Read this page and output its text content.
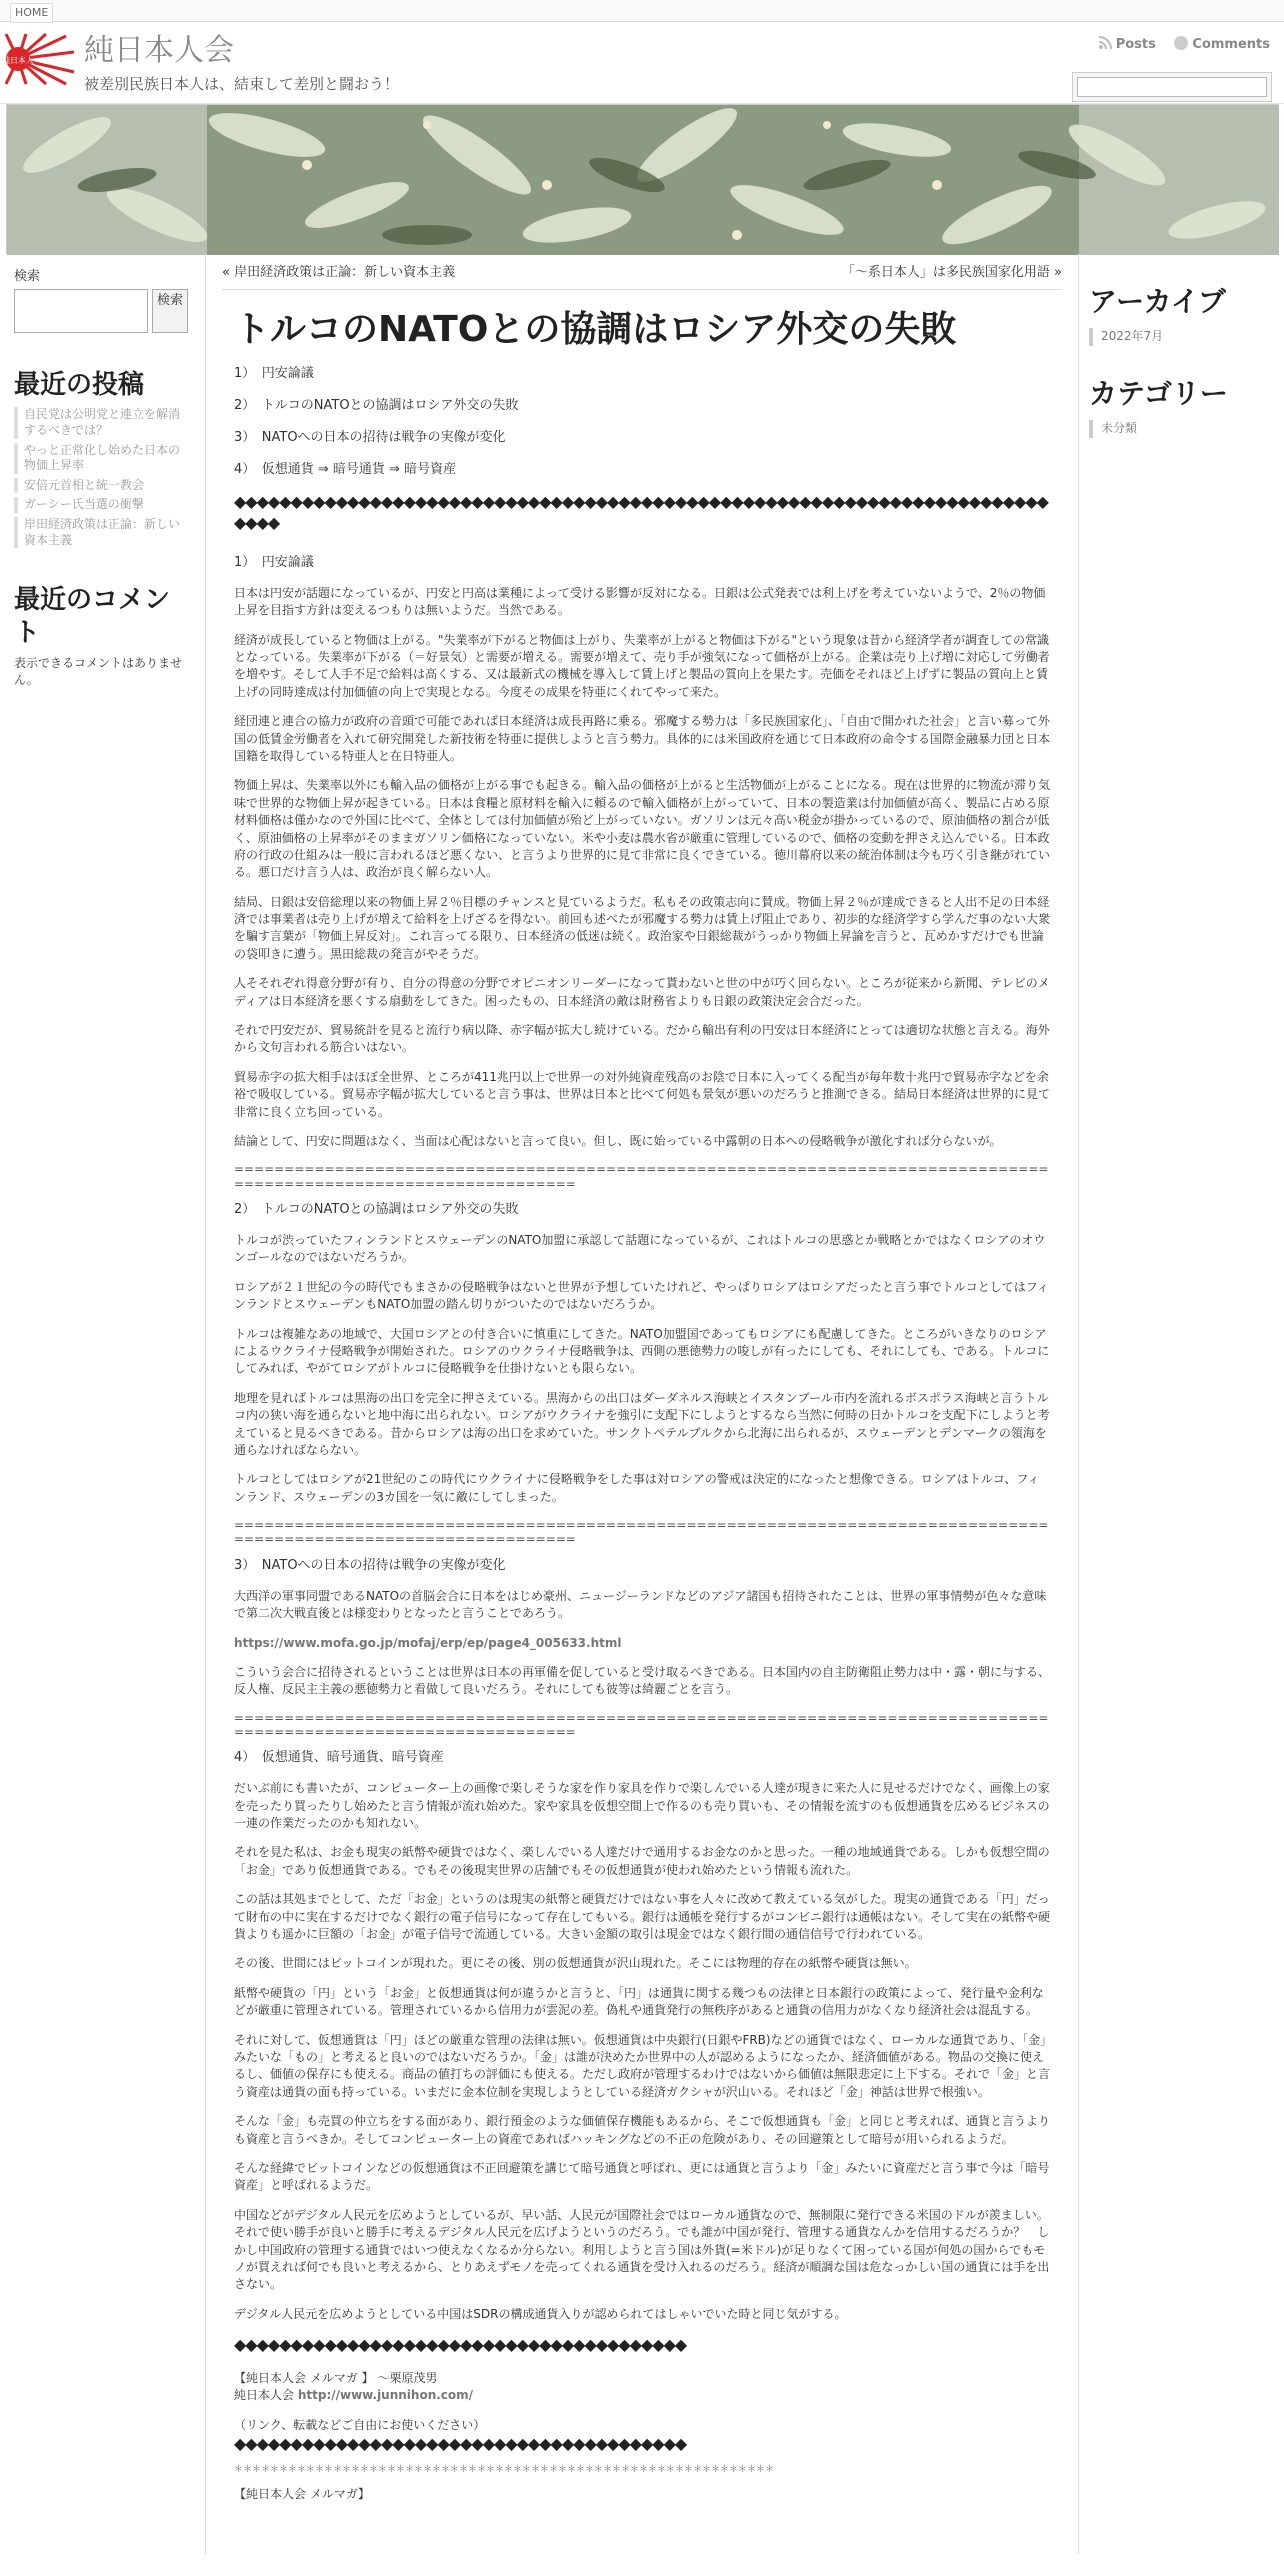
HOME
純日本人 純日本人会
被差別民族日本人は、結束して差別と闘おう！
Posts	Comments
検索
検索
最近の投稿
自民党は公明党と連立を解消するべきでは？
やっと正常化し始めた日本の物価上昇率
安倍元首相と統一教会
ガーシー氏当選の衝撃
岸田経済政策は正論：新しい資本主義
最近のコメント
表示できるコメントはありません。
« 岸田経済政策は正論：新しい資本主義	「～系日本人」は多民族国家化用語 »
トルコのNATOとの協調はロシア外交の失敗

1）　円安論議

2）　トルコのNATOとの協調はロシア外交の失敗

3）　NATOへの日本の招待は戦争の実像が変化

4）　仮想通貨 ⇒ 暗号通貨 ⇒ 暗号資産

◆◆◆◆◆◆◆◆◆◆◆◆◆◆◆◆◆◆◆◆◆◆◆◆◆◆◆◆◆◆◆◆◆◆◆◆◆◆◆◆◆◆◆◆◆◆◆◆◆◆◆◆◆◆◆◆◆◆◆◆◆◆◆◆◆◆◆◆◆◆◆◆◆◆◆◆

1）　円安論議

日本は円安が話題になっているが、円安と円高は業種によって受ける影響が反対になる。日銀は公式発表では利上げを考えていないようで、2％の物価上昇を目指す方針は変えるつもりは無いようだ。当然である。

経済が成長していると物価は上がる。"失業率が下がると物価は上がり、失業率が上がると物価は下がる"という現象は昔から経済学者が調査しての常識となっている。失業率が下がる（＝好景気）と需要が増える。需要が増えて、売り手が強気になって価格が上がる。企業は売り上げ増に対応して労働者を増やす。そして人手不足で給料は高くする、又は最新式の機械を導入して賃上げと製品の質向上を果たす。売価をそれほど上げずに製品の質向上と賃上げの同時達成は付加価値の向上で実現となる。今度その成果を特亜にくれてやって来た。

経団連と連合の協力が政府の音頭で可能であれば日本経済は成長再路に乗る。邪魔する勢力は「多民族国家化」、「自由で開かれた社会」と言い募って外国の低賃金労働者を入れて研究開発した新技術を特亜に提供しようと言う勢力。具体的には米国政府を通じて日本政府の命令する国際金融暴力団と日本国籍を取得している特亜人と在日特亜人。

物価上昇は、失業率以外にも輸入品の価格が上がる事でも起きる。輸入品の価格が上がると生活物価が上がることになる。現在は世界的に物流が滞り気味で世界的な物価上昇が起きている。日本は食糧と原材料を輸入に頼るので輸入価格が上がっていて、日本の製造業は付加価値が高く、製品に占める原材料価格は僅かなので外国に比べて、全体としては付加価値が殆ど上がっていない。ガソリンは元々高い税金が掛かっているので、原油価格の割合が低く、原油価格の上昇率がそのままガソリン価格になっていない。米や小麦は農水省が厳重に管理しているので、価格の変動を押さえ込んでいる。日本政府の行政の仕組みは一般に言われるほど悪くない、と言うより世界的に見て非常に良くできている。徳川幕府以来の統治体制は今も巧く引き継がれている。悪口だけ言う人は、政治が良く解らない人。

結局、日銀は安倍総理以来の物価上昇２％目標のチャンスと見ているようだ。私もその政策志向に賛成。物価上昇２％が達成できると人出不足の日本経済では事業者は売り上げが増えて給料を上げざるを得ない。前回も述べたが邪魔する勢力は賃上げ阻止であり、初歩的な経済学すら学んだ事のない大衆を騙す言葉が「物価上昇反対」。これ言ってる限り、日本経済の低迷は続く。政治家や日銀総裁がうっかり物価上昇論を言うと、瓦めかすだけでも世論の袋叩きに遭う。黒田総裁の発言がやそうだ。

人そそれぞれ得意分野が有り、自分の得意の分野でオピニオンリーダーになって貰わないと世の中が巧く回らない。ところが従来から新聞、テレビのメディアは日本経済を悪くする扇動をしてきた。困ったもの、日本経済の敵は財務省よりも日銀の政策決定会合だった。

それで円安だが、貿易統計を見ると流行り病以降、赤字幅が拡大し続けている。だから輸出有利の円安は日本経済にとっては適切な状態と言える。海外から文句言われる筋合いはない。

貿易赤字の拡大相手はほぼ全世界、ところが411兆円以上で世界一の対外純資産残高のお陰で日本に入ってくる配当が毎年数十兆円で貿易赤字などを余裕で吸収している。貿易赤字幅が拡大していると言う事は、世界は日本と比べて何処も景気が悪いのだろうと推測できる。結局日本経済は世界的に見て非常に良く立ち回っている。

結論として、円安に問題はなく、当面は心配はないと言って良い。但し、既に始っている中露朝の日本への侵略戦争が激化すれば分らないが。

===================================================================================================================

2）　トルコのNATOとの協調はロシア外交の失敗

トルコが渋っていたフィンランドとスウェーデンのNATO加盟に承認して話題になっているが、これはトルコの思惑とか戦略とかではなくロシアのオウンゴールなのではないだろうか。

ロシアが２１世紀の今の時代でもまさかの侵略戦争はないと世界が予想していたけれど、やっぱりロシアはロシアだったと言う事でトルコとしてはフィンランドとスウェーデンもNATO加盟の踏ん切りがついたのではないだろうか。

トルコは複雑なあの地域で、大国ロシアとの付き合いに慎重にしてきた。NATO加盟国であってもロシアにも配慮してきた。ところがいきなりのロシアによるウクライナ侵略戦争が開始された。ロシアのウクライナ侵略戦争は、西側の悪徳勢力の唆しが有ったにしても、それにしても、である。トルコにしてみれば、やがてロシアがトルコに侵略戦争を仕掛けないとも限らない。

地理を見ればトルコは黒海の出口を完全に押さえている。黒海からの出口はダーダネルス海峡とイスタンブール市内を流れるボスポラス海峡と言うトルコ内の狭い海を通らないと地中海に出られない。ロシアがウクライナを強引に支配下にしようとするなら当然に何時の日かトルコを支配下にしようと考えていると見るべきである。昔からロシアは海の出口を求めていた。サンクトペテルブルクから北海に出られるが、スウェーデンとデンマークの領海を通らなければならない。

トルコとしてはロシアが21世紀のこの時代にウクライナに侵略戦争をした事は対ロシアの警戒は決定的になったと想像できる。ロシアはトルコ、フィンランド、スウェーデンの3カ国を一気に敵にしてしまった。

===================================================================================================================

3）　NATOへの日本の招待は戦争の実像が変化

大西洋の軍事同盟であるNATOの首脳会合に日本をはじめ豪州、ニュージーランドなどのアジア諸国も招待されたことは、世界の軍事情勢が色々な意味で第二次大戦直後とは様変わりとなったと言うことであろう。

https://www.mofa.go.jp/mofaj/erp/ep/page4_005633.html

こういう会合に招待されるということは世界は日本の再軍備を促していると受け取るべきである。日本国内の自主防衛阻止勢力は中・露・朝に与する、反人権、反民主主義の悪徳勢力と看做して良いだろう。それにしても彼等は綺麗ごとを言う。

===================================================================================================================

4）　仮想通貨、暗号通貨、暗号資産

だいぶ前にも書いたが、コンピューター上の画像で楽しそうな家を作り家具を作りで楽しんでいる人達が現きに来た人に見せるだけでなく、画像上の家を売ったり買ったりし始めたと言う情報が流れ始めた。家や家具を仮想空間上で作るのも売り買いも、その情報を流すのも仮想通貨を広めるビジネスの一連の作業だったのかも知れない。

それを見た私は、お金も現実の紙幣や硬貨ではなく、楽しんでいる人達だけで通用するお金なのかと思った。一種の地域通貨である。しかも仮想空間の「お金」であり仮想通貨である。でもその後現実世界の店舗でもその仮想通貨が使われ始めたという情報も流れた。

この話は其処までとして、ただ「お金」というのは現実の紙幣と硬貨だけではない事を人々に改めて教えている気がした。現実の通貨である「円」だって財布の中に実在するだけでなく銀行の電子信号になって存在してもいる。銀行は通帳を発行するがコンビニ銀行は通帳はない。そして実在の紙幣や硬貨よりも遥かに巨額の「お金」が電子信号で流通している。大きい金額の取引は現金ではなく銀行間の通信信号で行われている。

その後、世間にはビットコインが現れた。更にその後、別の仮想通貨が沢山現れた。そこには物理的存在の紙幣や硬貨は無い。

紙幣や硬貨の「円」という「お金」と仮想通貨は何が違うかと言うと、「円」は通貨に関する幾つもの法律と日本銀行の政策によって、発行量や金利などが厳重に管理されている。管理されているから信用力が雲泥の差。偽札や通貨発行の無秩序があると通貨の信用力がなくなり経済社会は混乱する。

それに対して、仮想通貨は「円」ほどの厳重な管理の法律は無い。仮想通貨は中央銀行(日銀やFRB)などの通貨ではなく、ローカルな通貨であり、「金」みたいな「もの」と考えると良いのではないだろうか。「金」は誰が決めたか世界中の人が認めるようになったか、経済価値がある。物品の交換に使えるし、価値の保存にも使える。商品の値打ちの評価にも使える。ただし政府が管理するわけではないから価値は無限悲定に上下する。それで「金」と言う資産は通貨の面も持っている。いまだに金本位制を実現しようとしている経済ガクシャが沢山いる。それほど「金」神話は世界で根強い。

そんな「金」も売買の仲立ちをする面があり、銀行預金のような価値保存機能もあるから、そこで仮想通貨も「金」と同じと考えれば、通貨と言うよりも資産と言うべきか。そしてコンピューター上の資産であればハッキングなどの不正の危険があり、その回避策として暗号が用いられるようだ。

そんな経緯でビットコインなどの仮想通貨は不正回避策を講じて暗号通貨と呼ばれ、更には通貨と言うより「金」みたいに資産だと言う事で今は「暗号資産」と呼ばれるようだ。

中国などがデジタル人民元を広めようとしているが、早い話、人民元が国際社会ではローカル通貨なので、無制限に発行できる米国のドルが羨ましい。それで使い勝手が良いと勝手に考えるデジタル人民元を広げようというのだろう。でも誰が中国が発行、管理する通貨なんかを信用するだろうか？　しかし中国政府の管理する通貨ではいつ使えなくなるか分らない。利用しようと言う国は外貨(=米ドル)が足りなくて困っている国が何処の国からでもモノが買えれば何でも良いと考えるから、とりあえずモノを売ってくれる通貨を受け入れるのだろう。経済が順調な国は危なっかしい国の通貨には手を出さない。

デジタル人民元を広めようとしている中国はSDRの構成通貨入りが認められてはしゃいでいた時と同じ気がする。

◆◆◆◆◆◆◆◆◆◆◆◆◆◆◆◆◆◆◆◆◆◆◆◆◆◆◆◆◆◆◆◆◆◆◆◆◆◆◆◆

【純日本人会 メルマガ 】 ～栗原茂男

純日本人会 http://www.junnihon.com/

（リンク、転載などご自由にお使いください）

◆◆◆◆◆◆◆◆◆◆◆◆◆◆◆◆◆◆◆◆◆◆◆◆◆◆◆◆◆◆◆◆◆◆◆◆◆◆◆◆
＊＊＊＊＊＊＊＊＊＊＊＊＊＊＊＊＊＊＊＊＊＊＊＊＊＊＊＊＊＊＊＊＊＊＊＊＊＊＊＊＊＊＊＊＊＊＊＊＊＊＊＊＊＊＊＊＊＊＊＊

【純日本人会 メルマガ】

アーカイブ
2022年7月
カテゴリー
未分類
